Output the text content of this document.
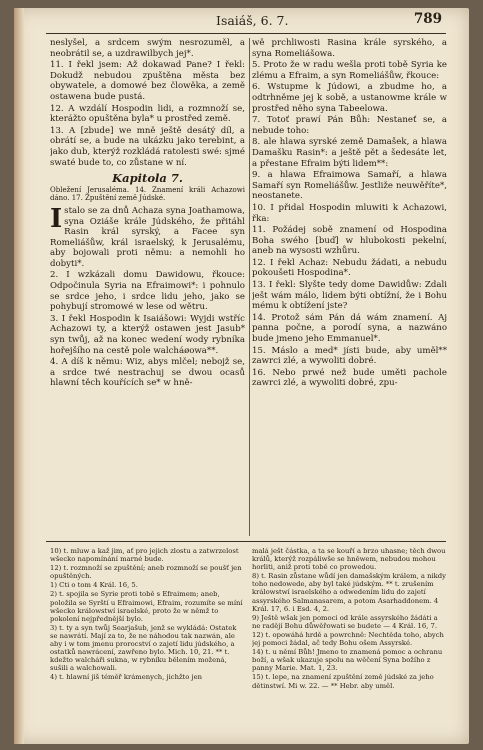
Isaiáš, 6. 7.	789

neslyšel, a srdcem swým nesrozuměl, a neobrátil se, a uzdrawilbych jej*.

11. I řekl jsem: Až dokawad Pane? I řekl: Dokudž nebudou zpuštěna města bez obywatele, a domowé bez člowěka, a země ostawena bude pustá.

12. A wzdálí Hospodin lidi, a rozmnoží se, kterážto opuštěna byla* u prostřed země.

13. A [zbude] we mně ještě desátý díl, a obrátí se, a bude na ukázku jako terebint, a jako dub, kterýž rozkládá ratolesti swé: sjmé swaté bude to, co zůstane w ní.

Kapitola 7.
Obležení Jerusaléma. 14. Znamení králi Achazowi dáno. 17. Zpuštění země Júdské.

Istalo se za dnů Achaza syna Joathamowa, syna Oziáše krále Júdského, že přitáhl Rasin král syrský, a Facee syn Romeliášůw, král israelský, k Jerusalému, aby bojowali proti němu: a nemohli ho dobyti*.

2. I wzkázali domu Dawidowu, řkouce: Odpočinula Syria na Efraimowi*: i pohnulo se srdce jeho, i srdce lidu jeho, jako se pohybují stromowé w lese od wětru.

3. I řekl Hospodin k Isaiášowi: Wyjdi wstříc Achazowi ty, a kterýž ostawen jest Jasub* syn twůj, až na konec wedení wody rybníka hořejšího na cestě pole walcháøowa**.

4. A díš k němu: Wiz, abys mlčel; nebojž se, a srdce twé nestrachuj se dwou ocasů hlawní těch kouřících se* w hně-

wě prchliwosti Rasina krále syrského, a syna Romeliášowa.

5. Proto že w radu wešla proti tobě Syria ke zlému a Efraim, a syn Romeliášůw, řkouce:

6. Wstupme k Júdowi, a zbudme ho, a odtrhněme jej k sobě, a ustanowme krále w prostřed něho syna Tabeelowa.

7. Totoť prawí Pán Bůh: Nestaneť se, a nebude toho:

8. ale hlawa syrské země Damašek, a hlawa Damašku Rasin*: a ještě pět a šedesáte let, a přestane Efraim býti lidem**:

9. a hlawa Efraimowa Samaří, a hlawa Samaří syn Romeliášůw. Jestliže neuwěříte*, neostanete.

10. I přidal Hospodin mluwiti k Achazowi, řka:

11. Požádej sobě znamení od Hospodina Boha swého [buď] w hlubokosti pekelní, aneb na wysosti wzhůru.

12. I řekl Achaz: Nebudu žádati, a nebudu pokoušeti Hospodina*.

13. I řekl: Slyšte tedy dome Dawidůw: Zdali ješt wám málo, lidem býti obtížní, že i Bohu mému k obtížení jste?

14. Protož sám Pán dá wám znamení. Aj panna počne, a porodí syna, a nazwáno bude jmeno jeho Emmanuel*.

15. Máslo a med* jísti bude, aby uměl** zawrci zlé, a wywoliti dobré.

16. Nebo prwé než bude uměti pachole zawrci zlé, a wywoliti dobré, zpu-

10) t. mluw a kaž jim, ať pro jejich zlostu a zatwrzelost wšecko napomínání marné bude.

12) t. rozmnoží se zpuštění; aneb rozmnoží se poušť jen opuštěných.

1) Cti o tom 4 Král. 16, 5.

2) t. spojila se Syrie proti tobě s Efraimem; aneb, položila se Syrští u Efraimowi, Efraim, rozumíte se míní wšecko králowstwí israelské, proto že w němž to pokolení nejpřednější bylo.

3) t. ty a syn twůj Searjašub, jenž se wykládá: Ostatek se nawrátí. Mají za to, že ne náhodou tak nazwán, ale aby i w tom jmenu prorocství o zajetí lidu júdského, a ostatků nawrácení, zawřeno bylo. Mich. 10, 21. ** t. kdežto walcháři sukna, w rybníku bělením možená, sušili a walchowali.

4) t. hlawní jiš téměř krámenych, jichžto jen

malá ješt částka, a ta se kouří a brzo uhasne; těch dwou králů, kterýž rozpáliwše se hněwem, nebudou mohou horliti, aniž proti tobě co prowedou.

8) t. Rasin zůstane wůdí jen damašským králem, a nikdy toho nedowede, aby byl také júdským. ** t. zrušením králowstwí israelského a odwedením lidu do zajetí assyrského Salmanasarem, a potom Asarhaddonem. 4 Král. 17, 6. i Esd. 4, 2.

9) Ještě wšak jen pomoci od krále assyrského žádáti a ne radějí Bohu důwěřowati se budete — 4 Král. 16, 7.

12) t. opowáhá hrdě a powrchně: Nechtěda toho, abych jej pomoci žádal, ač tedy Bohu ošem Assyrské.

14) t. u němí Bůh! Jmeno to znamená pomoc a ochranu boží, a wšak ukazuje spolu na wěčení Syna božího z panny Marie. Mat. 1, 23.

15) t. lepe, na znamení zpuštění země júdské za jeho dětinstwí. Mi w. 22. — ** Hebr. aby uměl.
